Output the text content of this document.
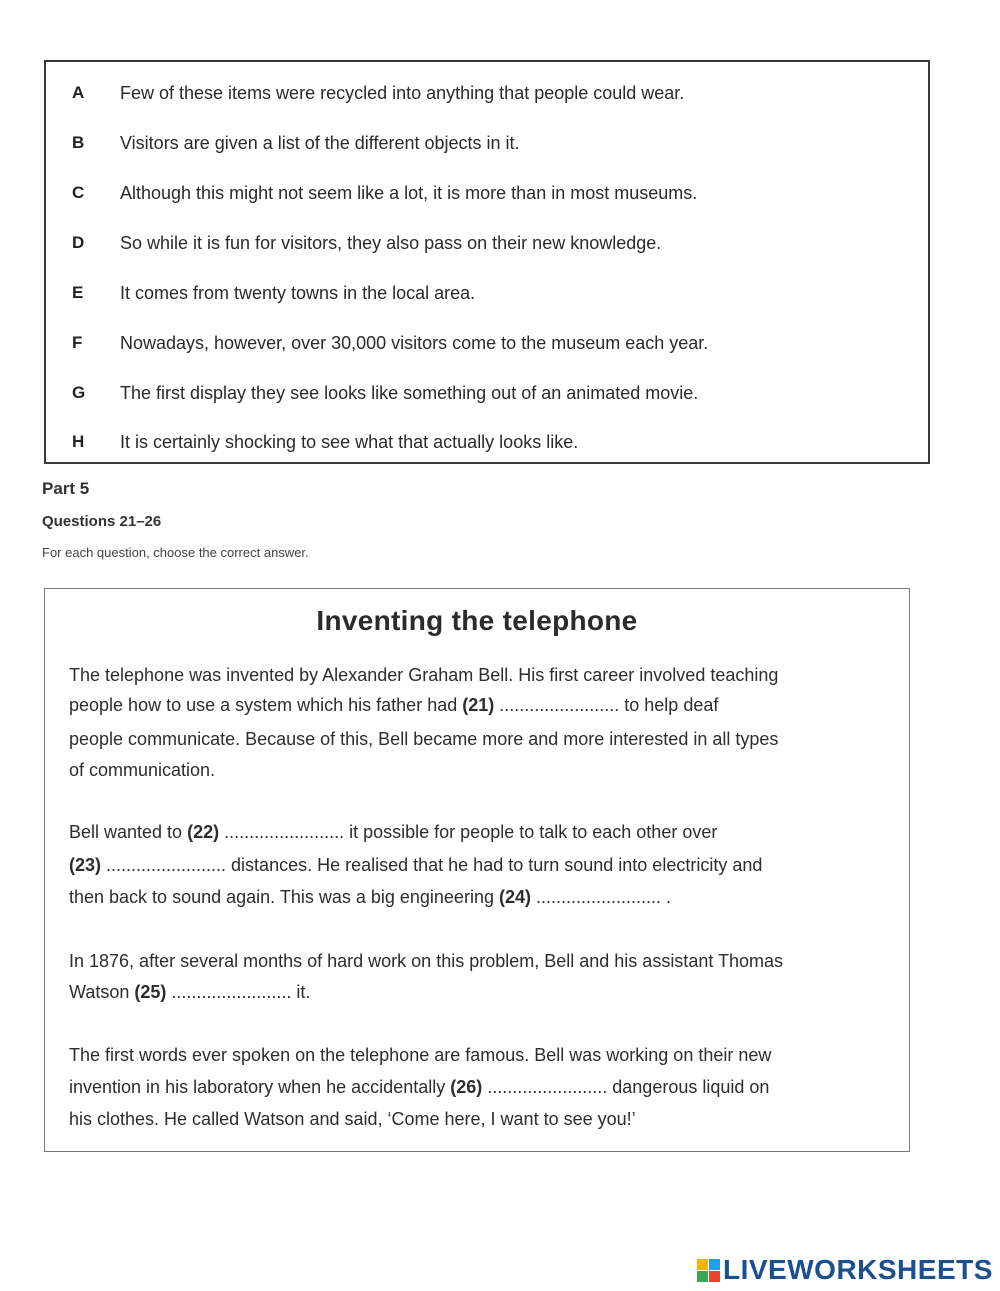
A	Few of these items were recycled into anything that people could wear.
B	Visitors are given a list of the different objects in it.
C	Although this might not seem like a lot, it is more than in most museums.
D	So while it is fun for visitors, they also pass on their new knowledge.
E	It comes from twenty towns in the local area.
F	Nowadays, however, over 30,000 visitors come to the museum each year.
G	The first display they see looks like something out of an animated movie.
H	It is certainly shocking to see what that actually looks like.
Part 5
Questions 21–26
For each question, choose the correct answer.
Inventing the telephone
The telephone was invented by Alexander Graham Bell. His first career involved teaching
people how to use a system which his father had (21) ........................ to help deaf
people communicate. Because of this, Bell became more and more interested in all types
of communication.
Bell wanted to (22) ........................ it possible for people to talk to each other over
(23) ........................ distances. He realised that he had to turn sound into electricity and
then back to sound again. This was a big engineering (24) ......................... .
In 1876, after several months of hard work on this problem, Bell and his assistant Thomas
Watson (25) ........................ it.
The first words ever spoken on the telephone are famous. Bell was working on their new
invention in his laboratory when he accidentally (26) ........................ dangerous liquid on
his clothes. He called Watson and said, ‘Come here, I want to see you!’
LIVEWORKSHEETS
